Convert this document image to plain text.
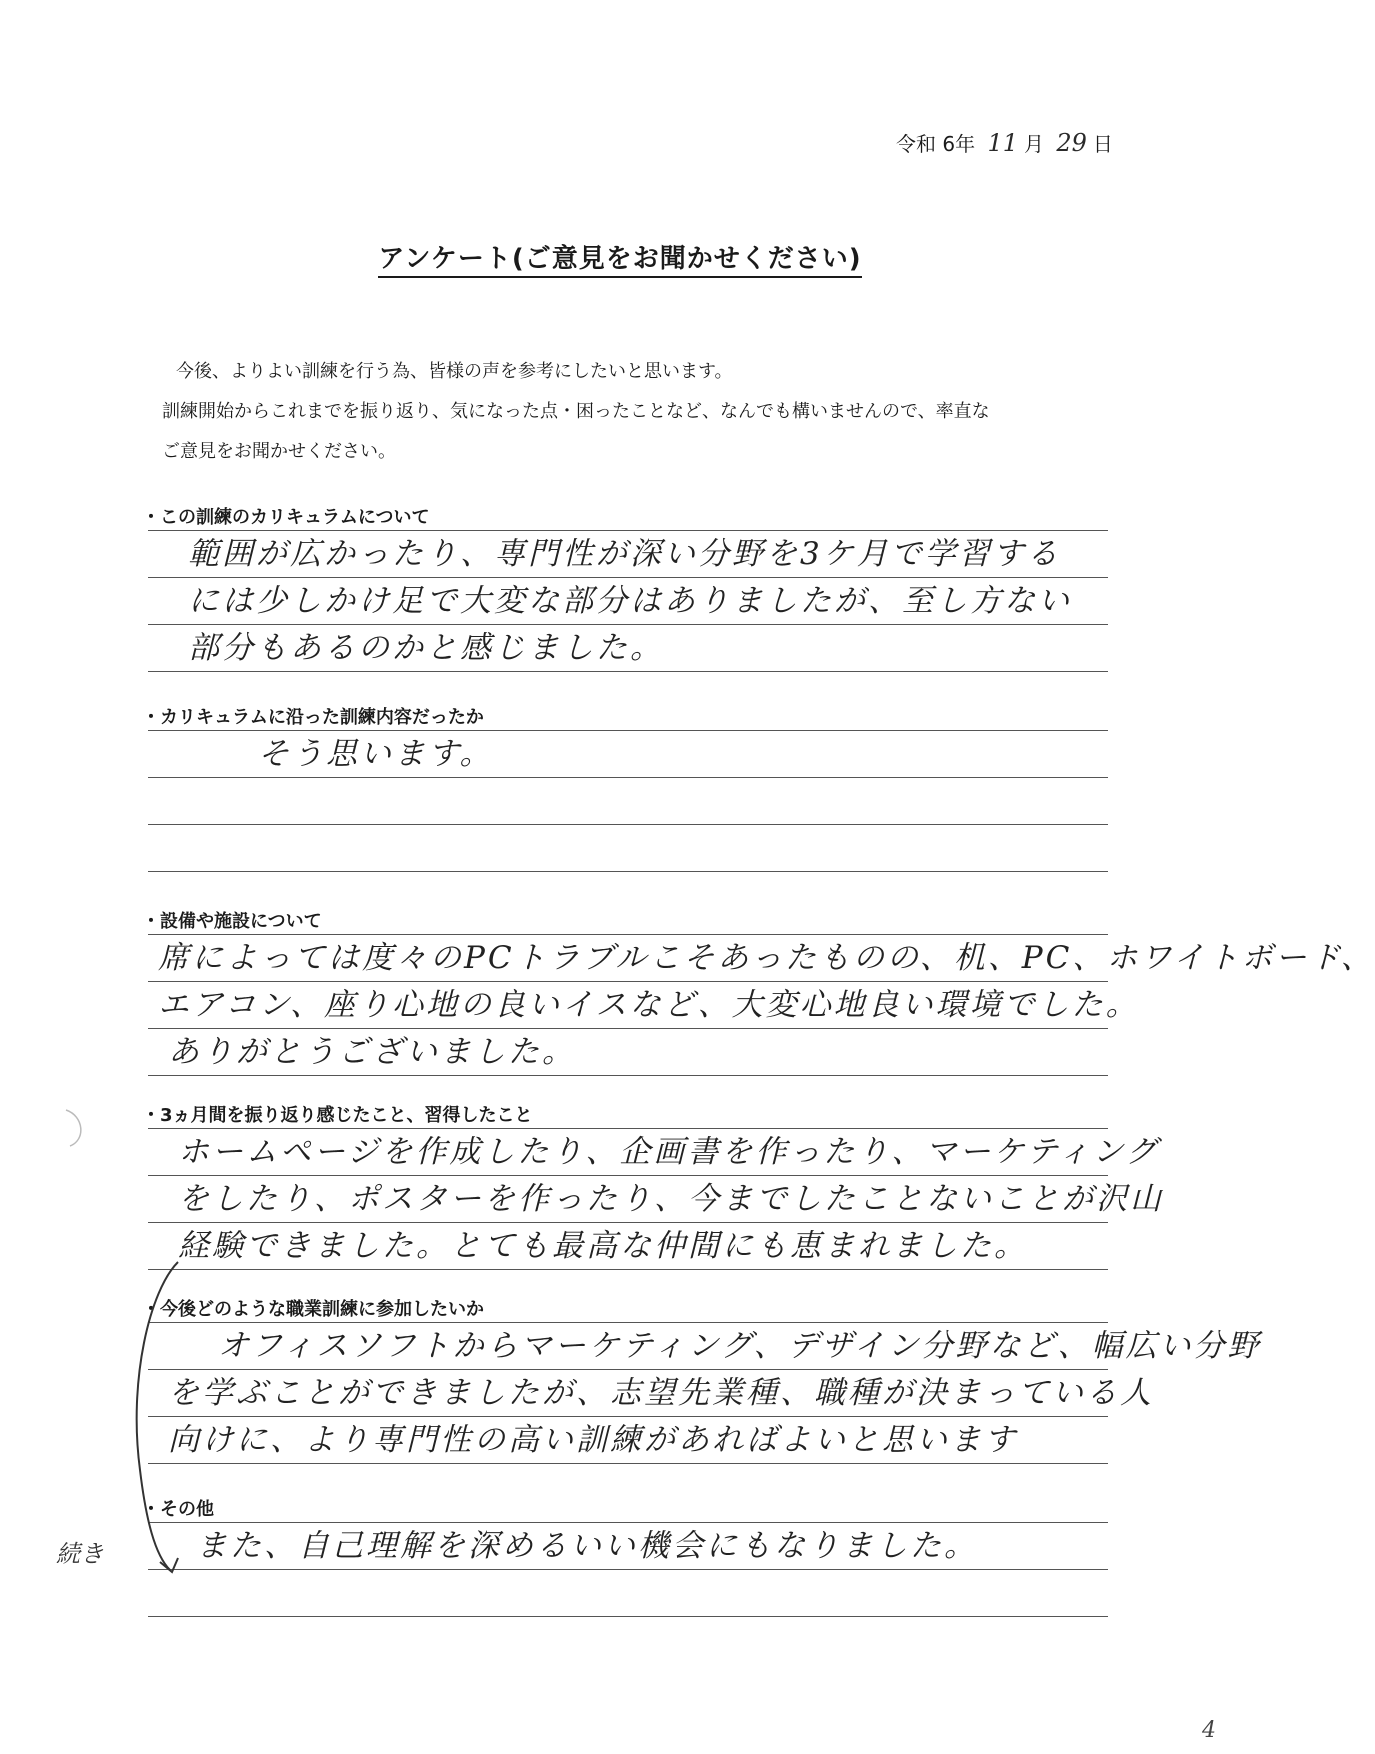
令和 6年 11 月 29 日
アンケート(ご意見をお聞かせください)
今後、よりよい訓練を行う為、皆様の声を参考にしたいと思います。
訓練開始からこれまでを振り返り、気になった点・困ったことなど、なんでも構いませんので、率直な
ご意見をお聞かせください。
・ この訓練のカリキュラムについて
範囲が広かったり、専門性が深い分野を3ケ月で学習する
には少しかけ足で大変な部分はありましたが、至し方ない
部分もあるのかと感じました。
・ カリキュラムに沿った訓練内容だったか
そう思います。
・ 設備や施設について
席によっては度々のPCトラブルこそあったものの、机、PC、ホワイトボード、
エアコン、座り心地の良いイスなど、大変心地良い環境でした。
ありがとうございました。
・ 3ヵ月間を振り返り感じたこと、習得したこと
ホームページを作成したり、企画書を作ったり、マーケティング
をしたり、ポスターを作ったり、今までしたことないことが沢山
経験できました。とても最高な仲間にも恵まれました。
・ 今後どのような職業訓練に参加したいか
オフィスソフトからマーケティング、デザイン分野など、幅広い分野
を学ぶことができましたが、志望先業種、職種が決まっている人
向けに、より専門性の高い訓練があればよいと思います
・ その他
また、自己理解を深めるいい機会にもなりました。
続き
4
